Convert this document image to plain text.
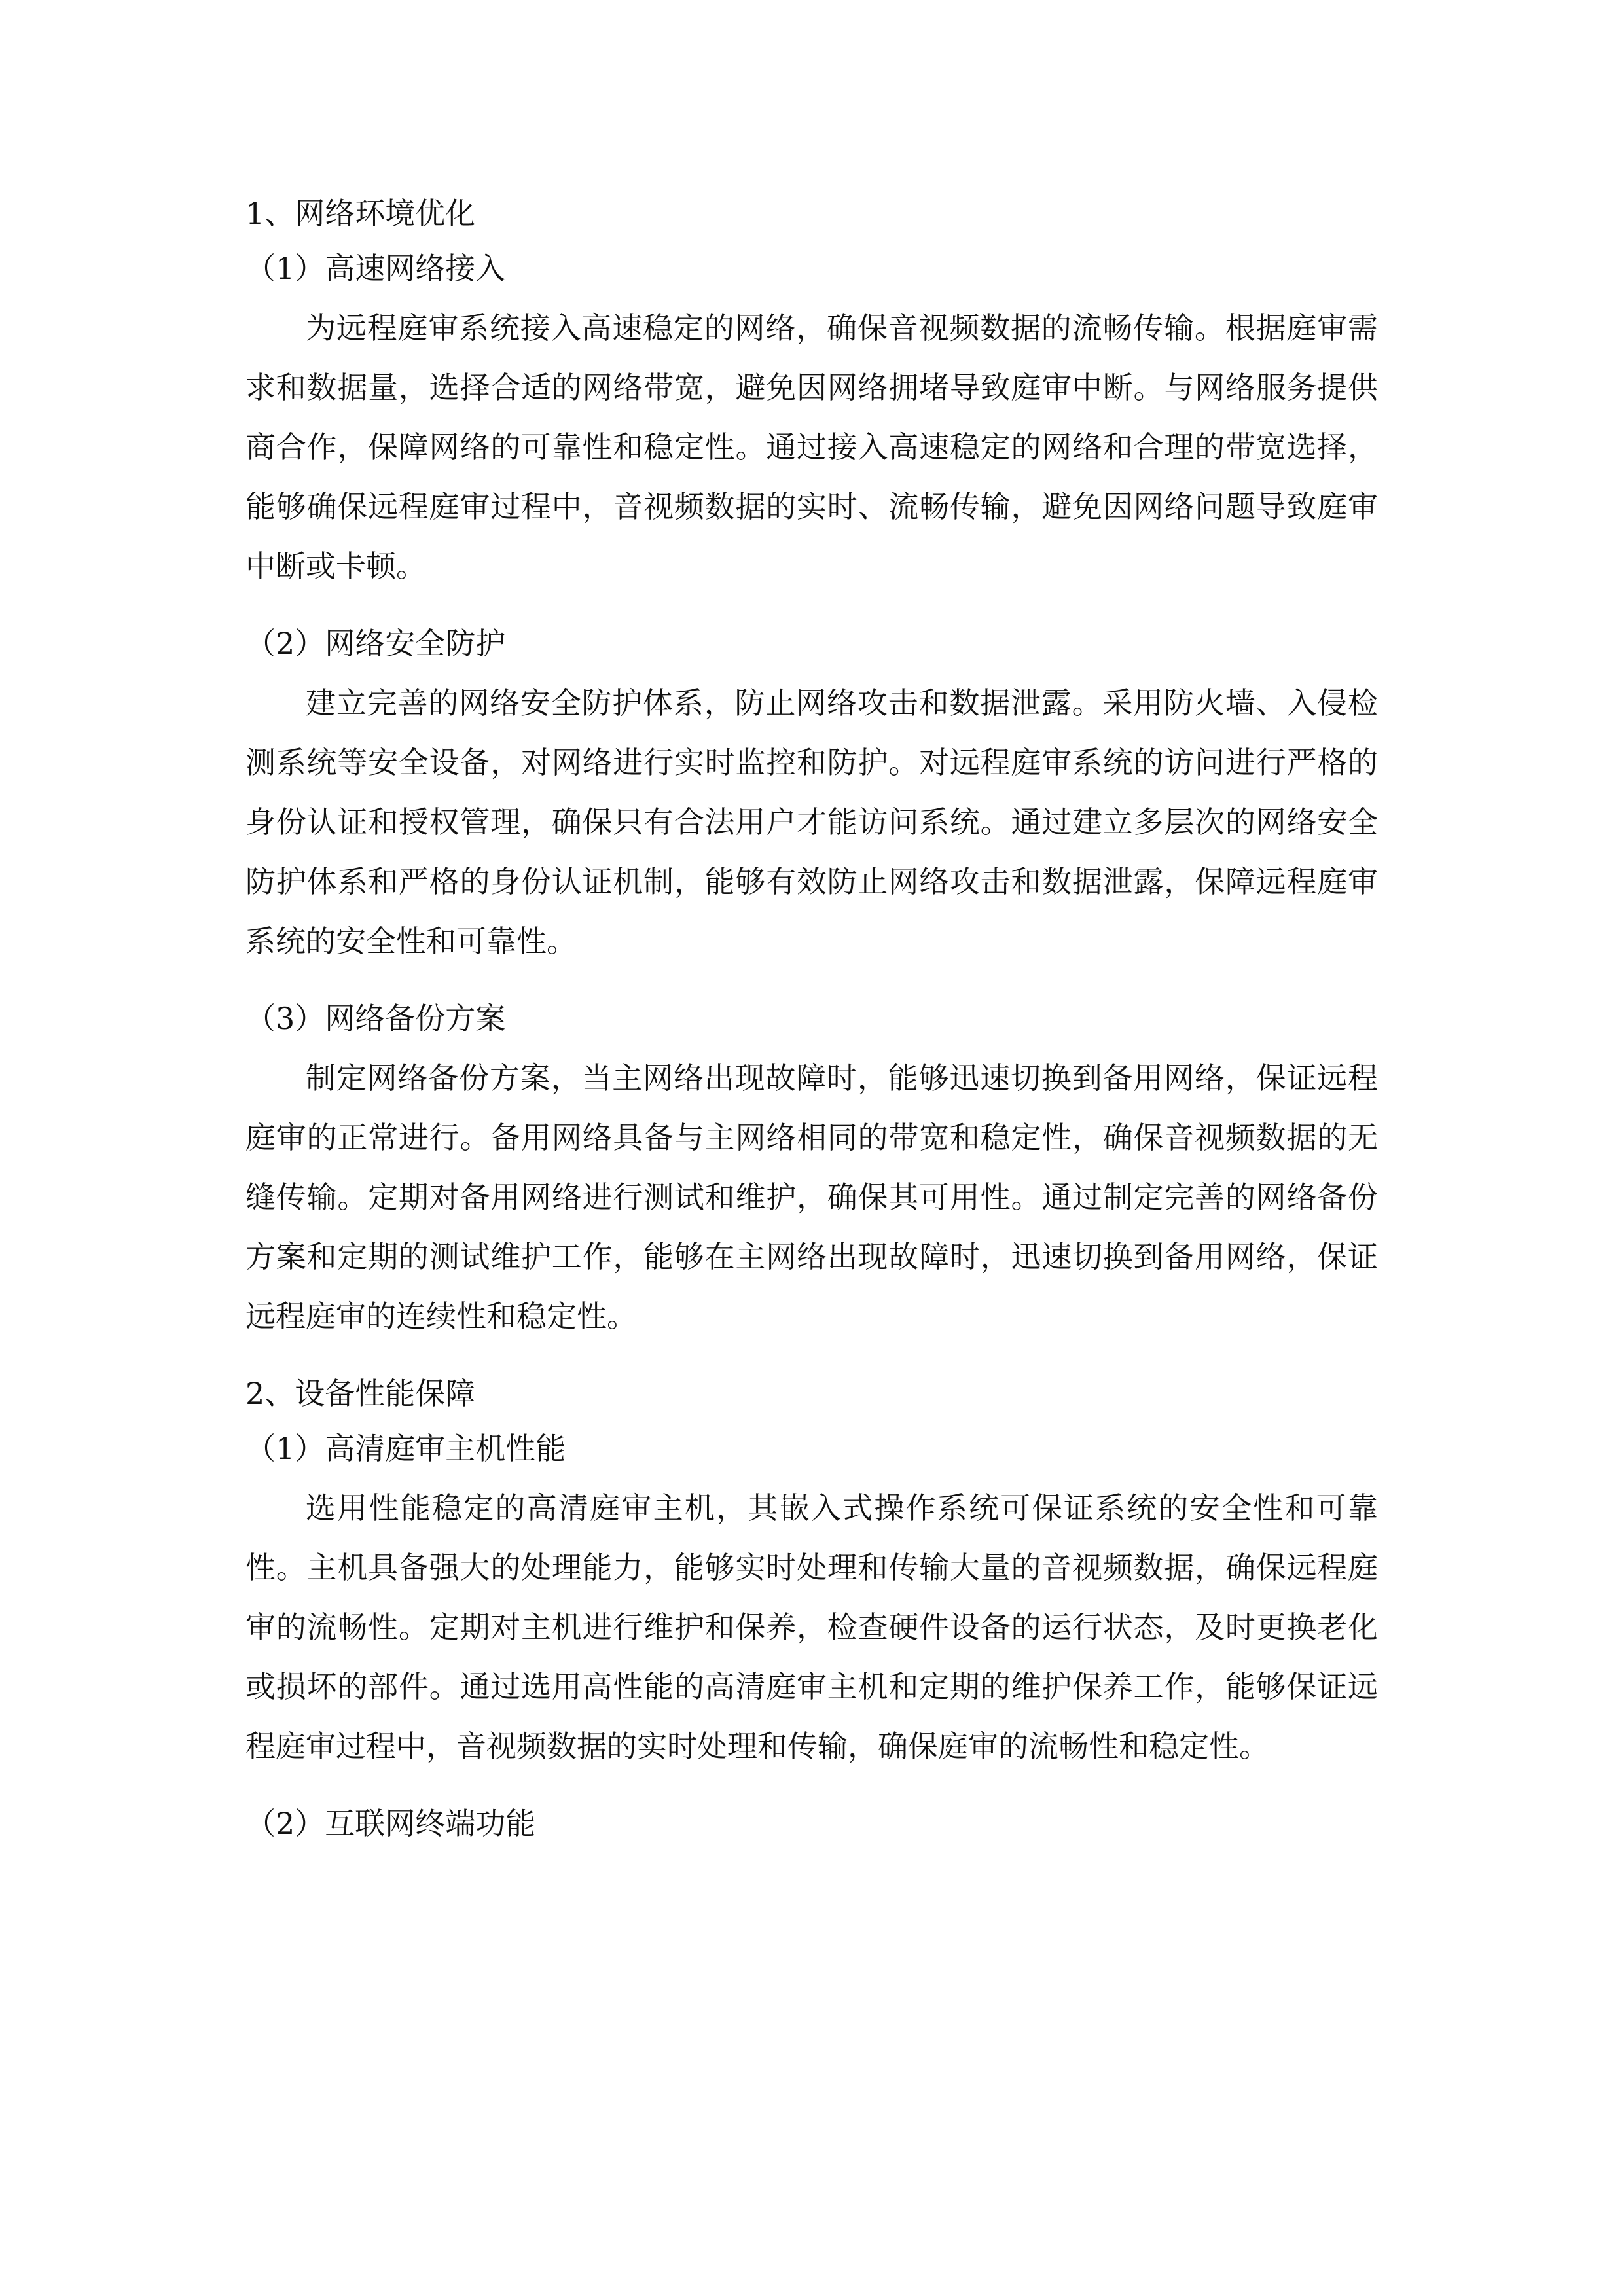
1、网络环境优化
（1）高速网络接入

为远程庭审系统接入高速稳定的网络，确保音视频数据的流畅传输。根据庭审需求和数据量，选择合适的网络带宽，避免因网络拥堵导致庭审中断。与网络服务提供商合作，保障网络的可靠性和稳定性。通过接入高速稳定的网络和合理的带宽选择，能够确保远程庭审过程中，音视频数据的实时、流畅传输，避免因网络问题导致庭审中断或卡顿。

（2）网络安全防护

建立完善的网络安全防护体系，防止网络攻击和数据泄露。采用防火墙、入侵检测系统等安全设备，对网络进行实时监控和防护。对远程庭审系统的访问进行严格的身份认证和授权管理，确保只有合法用户才能访问系统。通过建立多层次的网络安全防护体系和严格的身份认证机制，能够有效防止网络攻击和数据泄露，保障远程庭审系统的安全性和可靠性。

（3）网络备份方案

制定网络备份方案，当主网络出现故障时，能够迅速切换到备用网络，保证远程庭审的正常进行。备用网络具备与主网络相同的带宽和稳定性，确保音视频数据的无缝传输。定期对备用网络进行测试和维护，确保其可用性。通过制定完善的网络备份方案和定期的测试维护工作，能够在主网络出现故障时，迅速切换到备用网络，保证远程庭审的连续性和稳定性。

2、设备性能保障
（1）高清庭审主机性能

选用性能稳定的高清庭审主机，其嵌入式操作系统可保证系统的安全性和可靠性。主机具备强大的处理能力，能够实时处理和传输大量的音视频数据，确保远程庭审的流畅性。定期对主机进行维护和保养，检查硬件设备的运行状态，及时更换老化或损坏的部件。通过选用高性能的高清庭审主机和定期的维护保养工作，能够保证远程庭审过程中，音视频数据的实时处理和传输，确保庭审的流畅性和稳定性。

（2）互联网终端功能
